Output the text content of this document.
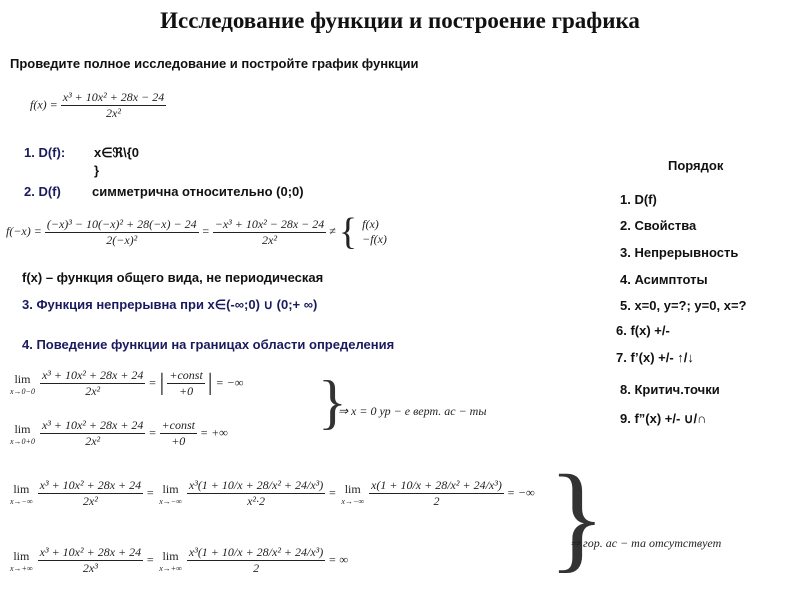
Исследование функции и построение графика
Проведите полное исследование и постройте график функции
$f(x) = \frac{\text{x³ + 10x² + 28x − 24}}{\text{2x²}}$
1. D(f): x∈ℜ\{0
}
2. D(f) симметрична относительно (0;0)
$f(-x) = \frac{\text{(−x)³ − 10(−x)² + 28(−x) − 24}}{\text{2(−x)²}} = \frac{\text{−x³ + 10x² − 28x − 24}}{\text{2x²}}$ ≠ { f(x)
−f(x)
f(x) – функция общего вида, не периодическая
3. Функция непрерывна при x∈(-∞;0) ∪ (0;+ ∞)
4. Поведение функции на границах области определения
lim
x→0−0
$\frac{\text{x³ + 10x² + 28x + 24}}{\text{2x²}}$ = | $\frac{\text{+const}}{+0}$ | = −∞
lim
x→0+0
$\frac{\text{x³ + 10x² + 28x + 24}}{\text{2x²}} = \frac{\text{+const}}{+0}$ = +∞ }
⇒ x = 0 ур − е верт. ас − ты
lim
x→−∞
$\frac{\text{x³ + 10x² + 28x + 24}}{\text{2x²}} = \lim$
x→−∞
$\frac{\text{x³(1 + 10/x + 28/x² + 24/x³)}}{\text{x²·2}} = \lim$
x→−∞
$\frac{\text{x(1 + 10/x + 28/x² + 24/x³)}}{2}$ = −∞
lim
x→+∞
$\frac{\text{x³ + 10x² + 28x + 24}}{\text{2x³}} = \lim$
x→+∞
$\frac{\text{x³(1 + 10/x + 28/x² + 24/x³)}}{2}$ = ∞ }
⇒ гор. ас − та отсутствует
Порядок
1. D(f)
2. Свойства
3. Непрерывность
4. Асимптоты
5. x=0, y=?; y=0, x=?
6. f(x) +/-
7. f’(x) +/- ↑/↓
8. Критич.точки
9. f”(x) +/- ∪/∩
